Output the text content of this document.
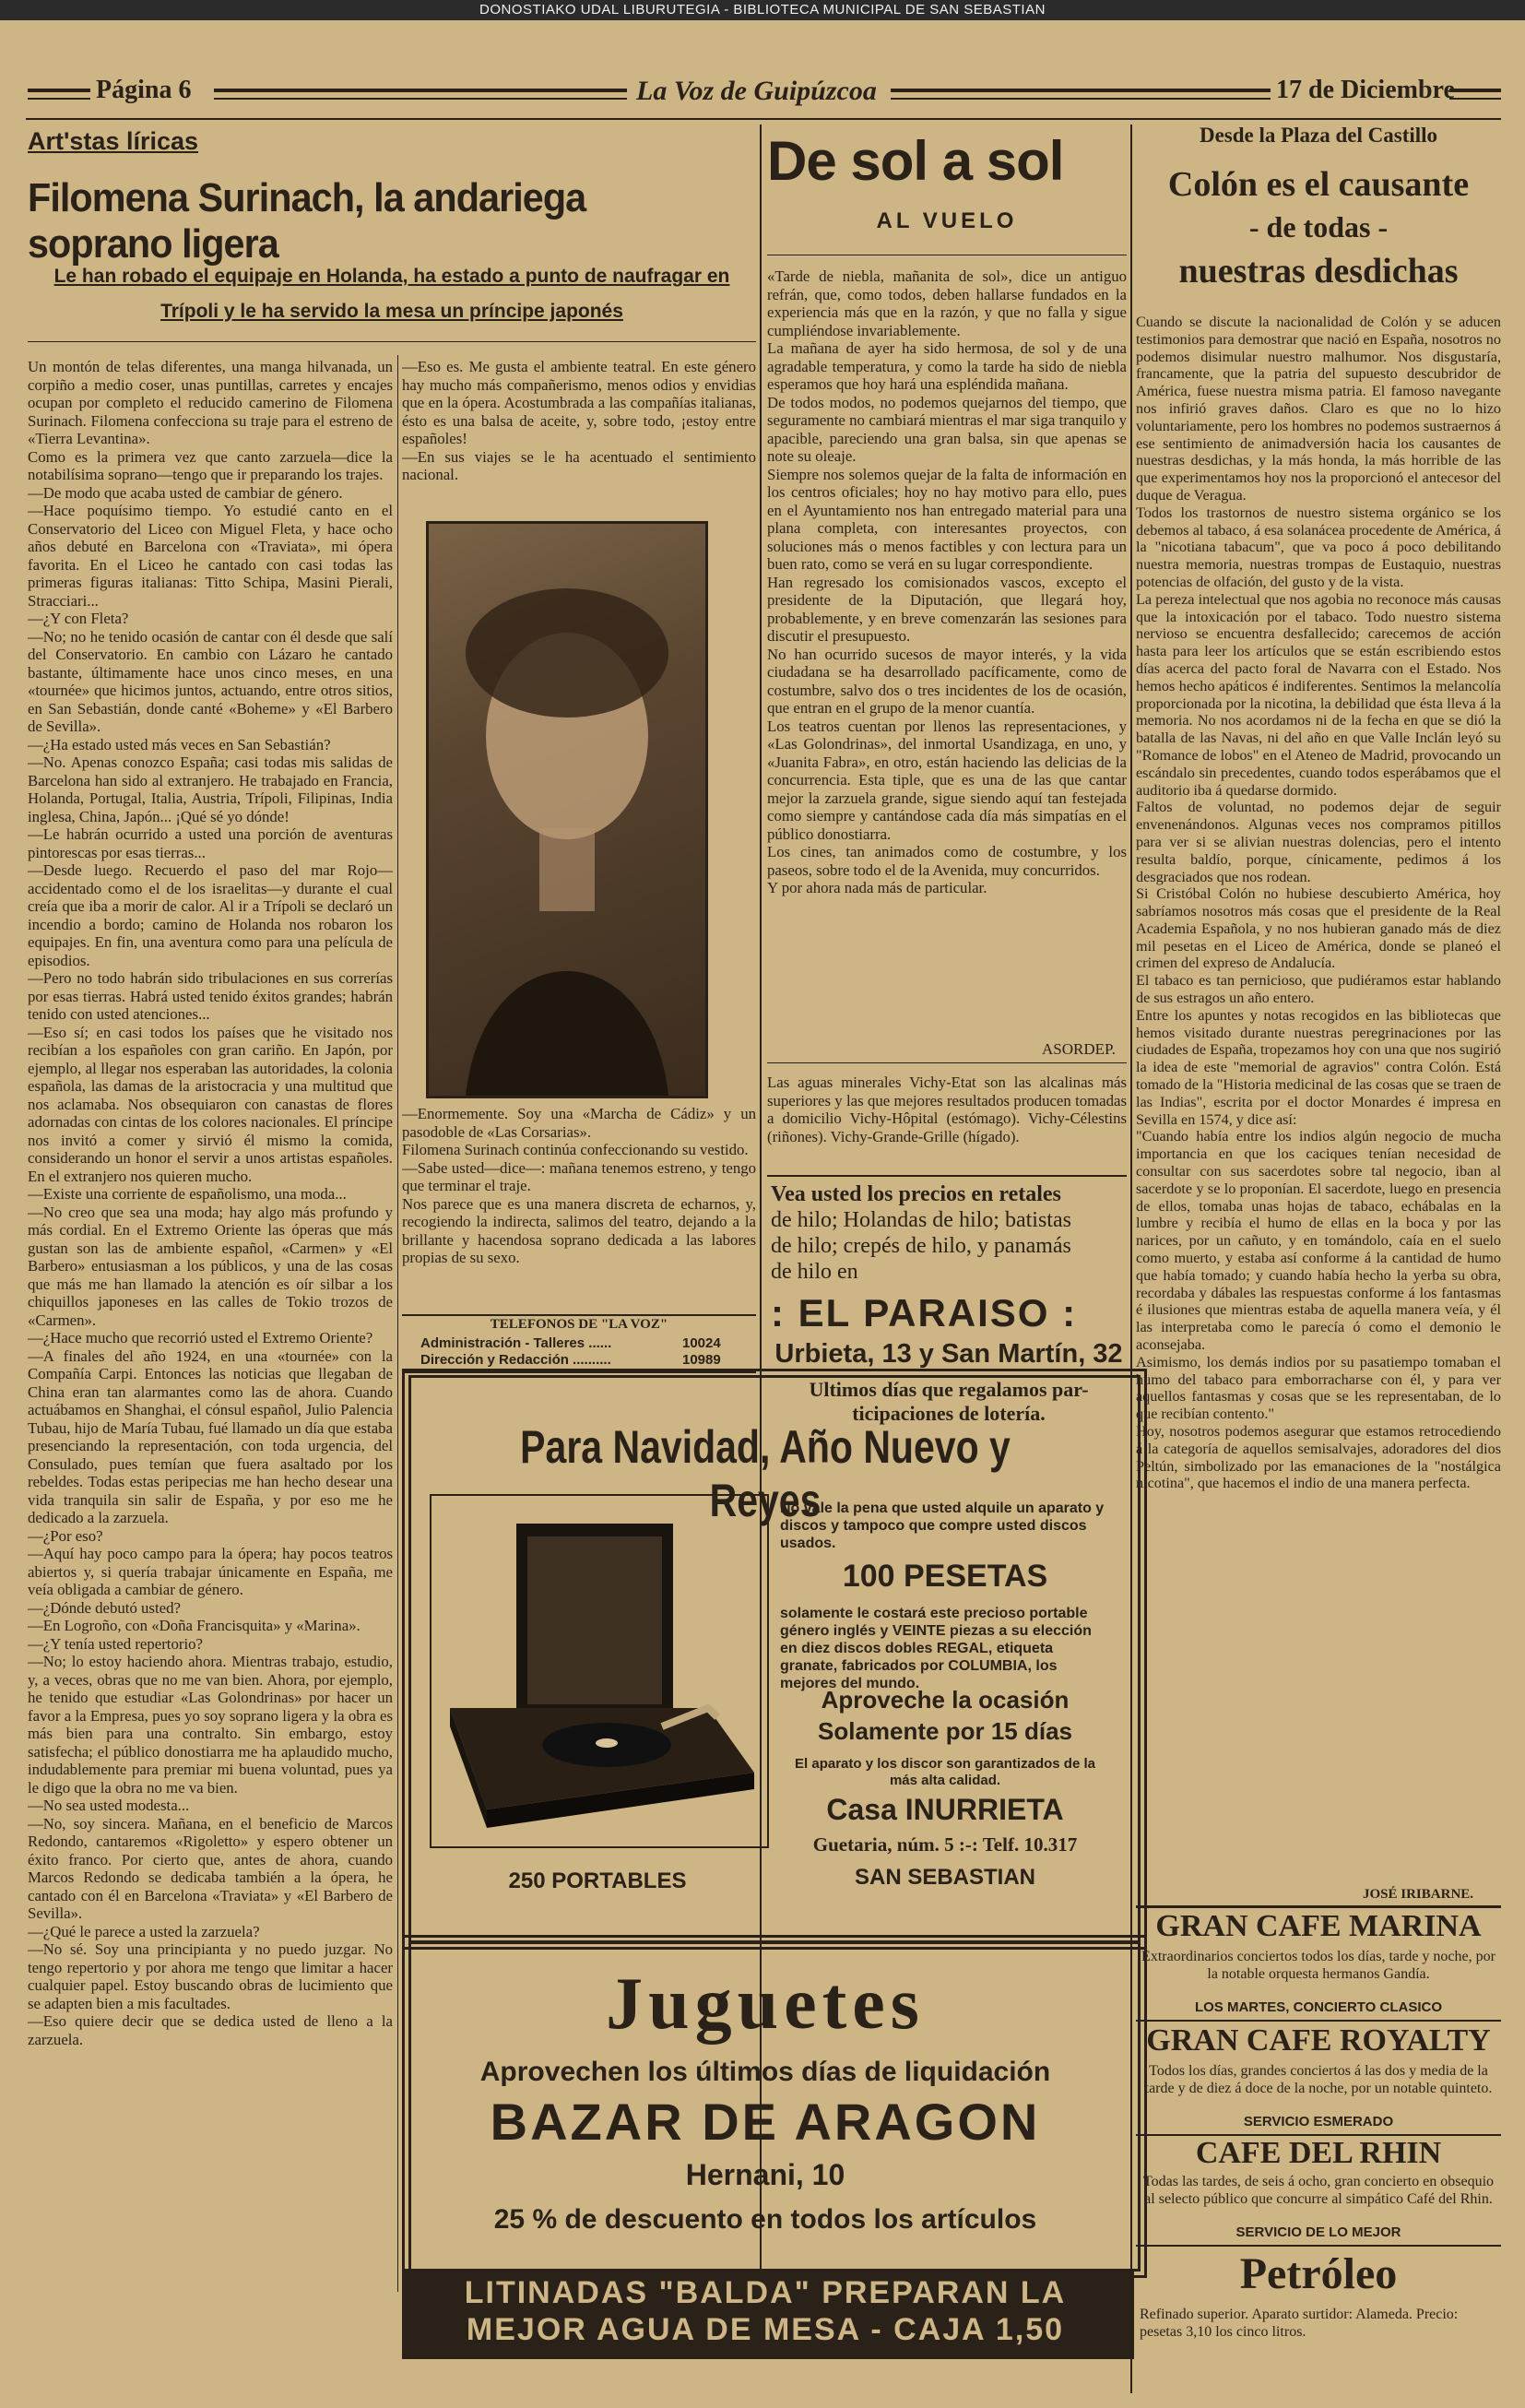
DONOSTIAKO UDAL LIBURUTEGIA - BIBLIOTECA MUNICIPAL DE SAN SEBASTIAN
Página 6	La Voz de Guipúzcoa	17 de Diciembre
Art'stas líricas
Filomena Surinach, la andariega soprano ligera
Le han robado el equipaje en Holanda, ha estado a punto de naufragar en
Trípoli y le ha servido la mesa un príncipe japonés
Un montón de telas diferentes, una manga hilvanada, un corpiño a medio coser, unas puntillas, carretes y encajes ocupan por completo el reducido camerino de Filomena Surinach. Filomena confecciona su traje para el estreno de «Tierra Levantina».
Como es la primera vez que canto zarzuela—dice la notabilísima soprano—tengo que ir preparando los trajes.
—De modo que acaba usted de cambiar de género.
—Hace poquísimo tiempo. Yo estudié canto en el Conservatorio del Liceo con Miguel Fleta, y hace ocho años debuté en Barcelona con «Traviata», mi ópera favorita. En el Liceo he cantado con casi todas las primeras figuras italianas: Titto Schipa, Masini Pierali, Stracciari...
—¿Y con Fleta?
—No; no he tenido ocasión de cantar con él desde que salí del Conservatorio. En cambio con Lázaro he cantado bastante, últimamente hace unos cinco meses, en una «tournée» que hicimos juntos, actuando, entre otros sitios, en San Sebastián, donde canté «Boheme» y «El Barbero de Sevilla».
—¿Ha estado usted más veces en San Sebastián?
—No. Apenas conozco España; casi todas mis salidas de Barcelona han sido al extranjero. He trabajado en Francia, Holanda, Portugal, Italia, Austria, Trípoli, Filipinas, India inglesa, China, Japón... ¡Qué sé yo dónde!
—Le habrán ocurrido a usted una porción de aventuras pintorescas por esas tierras...
—Desde luego. Recuerdo el paso del mar Rojo—accidentado como el de los israelitas—y durante el cual creía que iba a morir de calor. Al ir a Trípoli se declaró un incendio a bordo; camino de Holanda nos robaron los equipajes. En fin, una aventura como para una película de episodios.
—Pero no todo habrán sido tribulaciones en sus correrías por esas tierras. Habrá usted tenido éxitos grandes; habrán tenido con usted atenciones...
—Eso sí; en casi todos los países que he visitado nos recibían a los españoles con gran cariño. En Japón, por ejemplo, al llegar nos esperaban las autoridades, la colonia española, las damas de la aristocracia y una multitud que nos aclamaba. Nos obsequiaron con canastas de flores adornadas con cintas de los colores nacionales. El príncipe nos invitó a comer y sirvió él mismo la comida, considerando un honor el servir a unos artistas españoles. En el extranjero nos quieren mucho.
—Existe una corriente de españolismo, una moda...
—No creo que sea una moda; hay algo más profundo y más cordial. En el Extremo Oriente las óperas que más gustan son las de ambiente español, «Carmen» y «El Barbero» entusiasman a los públicos, y una de las cosas que más me han llamado la atención es oír silbar a los chiquillos japoneses en las calles de Tokio trozos de «Carmen».
—¿Hace mucho que recorrió usted el Extremo Oriente?
—A finales del año 1924, en una «tournée» con la Compañía Carpi. Entonces las noticias que llegaban de China eran tan alarmantes como las de ahora. Cuando actuábamos en Shanghai, el cónsul español, Julio Palencia Tubau, hijo de María Tubau, fué llamado un día que estaba presenciando la representación, con toda urgencia, del Consulado, pues temían que fuera asaltado por los rebeldes. Todas estas peripecias me han hecho desear una vida tranquila sin salir de España, y por eso me he dedicado a la zarzuela.
—¿Por eso?
—Aquí hay poco campo para la ópera; hay pocos teatros abiertos y, si quería trabajar únicamente en España, me veía obligada a cambiar de género.
—¿Dónde debutó usted?
—En Logroño, con «Doña Francisquita» y «Marina».
—¿Y tenía usted repertorio?
—No; lo estoy haciendo ahora. Mientras trabajo, estudio, y, a veces, obras que no me van bien. Ahora, por ejemplo, he tenido que estudiar «Las Golondrinas» por hacer un favor a la Empresa, pues yo soy soprano ligera y la obra es más bien para una contralto. Sin embargo, estoy satisfecha; el público donostiarra me ha aplaudido mucho, indudablemente para premiar mi buena voluntad, pues ya le digo que la obra no me va bien.
—No sea usted modesta...
—No, soy sincera. Mañana, en el beneficio de Marcos Redondo, cantaremos «Rigoletto» y espero obtener un éxito franco. Por cierto que, antes de ahora, cuando Marcos Redondo se dedicaba también a la ópera, he cantado con él en Barcelona «Traviata» y «El Barbero de Sevilla».
—¿Qué le parece a usted la zarzuela?
—No sé. Soy una principianta y no puedo juzgar. No tengo repertorio y por ahora me tengo que limitar a hacer cualquier papel. Estoy buscando obras de lucimiento que se adapten bien a mis facultades.
—Eso quiere decir que se dedica usted de lleno a la zarzuela.
—Eso es. Me gusta el ambiente teatral. En este género hay mucho más compañerismo, menos odios y envidias que en la ópera. Acostumbrada a las compañías italianas, ésto es una balsa de aceite, y, sobre todo, ¡estoy entre españoles!
—En sus viajes se le ha acentuado el sentimiento nacional.
—Enormemente. Soy una «Marcha de Cádiz» y un pasodoble de «Las Corsarias».
Filomena Surinach continúa confeccionando su vestido.
—Sabe usted—dice—: mañana tenemos estreno, y tengo que terminar el traje.
Nos parece que es una manera discreta de echarnos, y, recogiendo la indirecta, salimos del teatro, dejando a la brillante y hacendosa soprano dedicada a las labores propias de su sexo.
TELEFONOS DE "LA VOZ"
Administración - Talleres ......	10024
Dirección y Redacción ..........	10989
De sol a sol
AL VUELO
«Tarde de niebla, mañanita de sol», dice un antiguo refrán, que, como todos, deben hallarse fundados en la experiencia más que en la razón, y que no falla y sigue cumpliéndose invariablemente.
La mañana de ayer ha sido hermosa, de sol y de una agradable temperatura, y como la tarde ha sido de niebla esperamos que hoy hará una espléndida mañana.
De todos modos, no podemos quejarnos del tiempo, que seguramente no cambiará mientras el mar siga tranquilo y apacible, pareciendo una gran balsa, sin que apenas se note su oleaje.
Siempre nos solemos quejar de la falta de información en los centros oficiales; hoy no hay motivo para ello, pues en el Ayuntamiento nos han entregado material para una plana completa, con interesantes proyectos, con soluciones más o menos factibles y con lectura para un buen rato, como se verá en su lugar correspondiente.
Han regresado los comisionados vascos, excepto el presidente de la Diputación, que llegará hoy, probablemente, y en breve comenzarán las sesiones para discutir el presupuesto.
No han ocurrido sucesos de mayor interés, y la vida ciudadana se ha desarrollado pacíficamente, como de costumbre, salvo dos o tres incidentes de los de ocasión, que entran en el grupo de la menor cuantía.
Los teatros cuentan por llenos las representaciones, y «Las Golondrinas», del inmortal Usandizaga, en uno, y «Juanita Fabra», en otro, están haciendo las delicias de la concurrencia. Esta tiple, que es una de las que cantar mejor la zarzuela grande, sigue siendo aquí tan festejada como siempre y cantándose cada día más simpatías en el público donostiarra.
Los cines, tan animados como de costumbre, y los paseos, sobre todo el de la Avenida, muy concurridos.
Y por ahora nada más de particular.
ASORDEP.
Las aguas minerales Vichy-Etat son las alcalinas más superiores y las que mejores resultados producen tomadas a domicilio Vichy-Hôpital (estómago). Vichy-Célestins (riñones). Vichy-Grande-Grille (hígado).
Vea usted los precios en retales
de hilo; Holandas de hilo; batistas
de hilo; crepés de hilo, y panamás
de hilo en
: EL PARAISO :
Urbieta, 13 y San Martín, 32
Ultimos días que regalamos par-
ticipaciones de lotería.
Para Navidad, Año Nuevo y Reyes
No vale la pena que usted alquile un aparato y discos y tampoco que compre usted discos usados.
100 PESETAS
solamente le costará este precioso portable género inglés y VEINTE piezas a su elección en diez discos dobles REGAL, etiqueta granate, fabricados por COLUMBIA, los mejores del mundo.
Aproveche la ocasión
Solamente por 15 días
El aparato y los discor son garantizados de la más alta calidad.
Casa INURRIETA
Guetaria, núm. 5 :-: Telf. 10.317
250 PORTABLES	SAN SEBASTIAN
Juguetes
Aprovechen los últimos días de liquidación
BAZAR DE ARAGON
Hernani, 10
25 % de descuento en todos los artículos
LITINADAS "BALDA" PREPARAN LA MEJOR AGUA DE MESA - CAJA 1,50
Desde la Plaza del Castillo
Colón es el causante
- de todas -
nuestras desdichas
Cuando se discute la nacionalidad de Colón y se aducen testimonios para demostrar que nació en España, nosotros no podemos disimular nuestro malhumor. Nos disgustaría, francamente, que la patria del supuesto descubridor de América, fuese nuestra misma patria. El famoso navegante nos infirió graves daños. Claro es que no lo hizo voluntariamente, pero los hombres no podemos sustraernos á ese sentimiento de animadversión hacia los causantes de nuestras desdichas, y la más honda, la más horrible de las que experimentamos hoy nos la proporcionó el antecesor del duque de Veragua.
Todos los trastornos de nuestro sistema orgánico se los debemos al tabaco, á esa solanácea procedente de América, á la "nicotiana tabacum", que va poco á poco debilitando nuestra memoria, nuestras trompas de Eustaquio, nuestras potencias de olfación, del gusto y de la vista.
La pereza intelectual que nos agobia no reconoce más causas que la intoxicación por el tabaco. Todo nuestro sistema nervioso se encuentra desfallecido; carecemos de acción hasta para leer los artículos que se están escribiendo estos días acerca del pacto foral de Navarra con el Estado. Nos hemos hecho apáticos é indiferentes. Sentimos la melancolía proporcionada por la nicotina, la debilidad que ésta lleva á la memoria. No nos acordamos ni de la fecha en que se dió la batalla de las Navas, ni del año en que Valle Inclán leyó su "Romance de lobos" en el Ateneo de Madrid, provocando un escándalo sin precedentes, cuando todos esperábamos que el auditorio iba á quedarse dormido.
Faltos de voluntad, no podemos dejar de seguir envenenándonos. Algunas veces nos compramos pitillos para ver si se alivian nuestras dolencias, pero el intento resulta baldío, porque, cínicamente, pedimos á los desgraciados que nos rodean.
Si Cristóbal Colón no hubiese descubierto América, hoy sabríamos nosotros más cosas que el presidente de la Real Academia Española, y no nos hubieran ganado más de diez mil pesetas en el Liceo de América, donde se planeó el crimen del expreso de Andalucía.
El tabaco es tan pernicioso, que pudiéramos estar hablando de sus estragos un año entero.
Entre los apuntes y notas recogidos en las bibliotecas que hemos visitado durante nuestras peregrinaciones por las ciudades de España, tropezamos hoy con una que nos sugirió la idea de este "memorial de agravios" contra Colón. Está tomado de la "Historia medicinal de las cosas que se traen de las Indias", escrita por el doctor Monardes é impresa en Sevilla en 1574, y dice así:
"Cuando había entre los indios algún negocio de mucha importancia en que los caciques tenían necesidad de consultar con sus sacerdotes sobre tal negocio, iban al sacerdote y se lo proponían. El sacerdote, luego en presencia de ellos, tomaba unas hojas de tabaco, echábalas en la lumbre y recibía el humo de ellas en la boca y por las narices, por un cañuto, y en tomándolo, caía en el suelo como muerto, y estaba así conforme á la cantidad de humo que había tomado; y cuando había hecho la yerba su obra, recordaba y dábales las respuestas conforme á los fantasmas é ilusiones que mientras estaba de aquella manera veía, y él las interpretaba como le parecía ó como el demonio le aconsejaba.
Asimismo, los demás indios por su pasatiempo tomaban el humo del tabaco para emborracharse con él, y para ver aquellos fantasmas y cosas que se les representaban, de lo que recibían contento."
Hoy, nosotros podemos asegurar que estamos retrocediendo á la categoría de aquellos semisalvajes, adoradores del dios Peltún, simbolizado por las emanaciones de la "nostálgica nicotina", que hacemos el indio de una manera perfecta.
JOSÉ IRIBARNE.
GRAN CAFE MARINA
Extraordinarios conciertos todos los días, tarde y noche, por la notable orquesta hermanos Gandía.
LOS MARTES, CONCIERTO CLASICO
GRAN CAFE ROYALTY
Todos los días, grandes conciertos á las dos y media de la tarde y de diez á doce de la noche, por un notable quinteto.
SERVICIO ESMERADO
CAFE DEL RHIN
Todas las tardes, de seis á ocho, gran concierto en obsequio al selecto público que concurre al simpático Café del Rhin.
SERVICIO DE LO MEJOR
Petróleo
Refinado superior. Aparato surtidor: Alameda. Precio: pesetas 3,10 los cinco litros.
